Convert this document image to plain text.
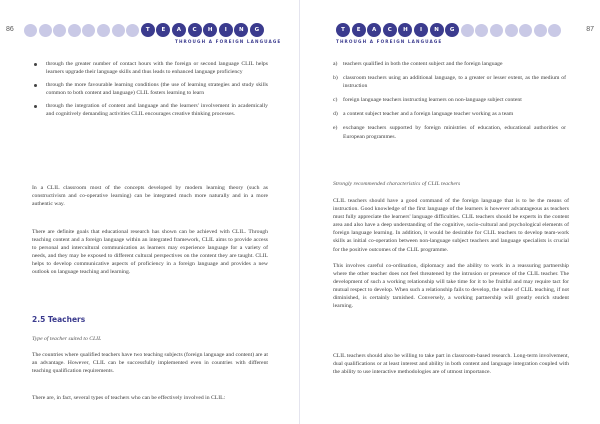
86	T	E	A	C	H	I	N	G
THROUGH A FOREIGN LANGUAGE
through the greater number of contact hours with the foreign or second language CLIL helps learners upgrade their language skills and thus leads to enhanced language proficiency
through the more favourable learning conditions (the use of learning strategies and study skills common to both content and language) CLIL fosters learning to learn
through the integration of content and language and the learners' involvement in academically and cognitively demanding activities CLIL encourages creative thinking processes.
In a CLIL classroom most of the concepts developed by modern learning theory (such as constructivism and co-operative learning) can be integrated much more naturally and in a more authentic way.
There are definite goals that educational research has shown can be achieved with CLIL. Through teaching content and a foreign language within an integrated framework, CLIL aims to provide access to personal and intercultural communication as learners may experience language for a variety of needs, and they may be exposed to different cultural perspectives on the content they are taught. CLIL helps to develop communicative aspects of proficiency in a foreign language and provides a new outlook on language teaching and learning.
2.5 Teachers
Type of teacher suited to CLIL
The countries where qualified teachers have two teaching subjects (foreign language and content) are at an advantage. However, CLIL can be successfully implemented even in countries with different teaching qualification requirements.
There are, in fact, several types of teachers who can be effectively involved in CLIL:
87
THROUGH A FOREIGN LANGUAGE
T	E	A	C	H	I	N	G
a) teachers qualified in both the content subject and the foreign language
b) classroom teachers using an additional language, to a greater or lesser extent, as the medium of instruction
c) foreign language teachers instructing learners on non-language subject content
d) a content subject teacher and a foreign language teacher working as a team
e) exchange teachers supported by foreign ministries of education, educational authorities or European programmes.
Strongly recommended characteristics of CLIL teachers
CLIL teachers should have a good command of the foreign language that is to be the means of instruction. Good knowledge of the first language of the learners is however advantageous as teachers must fully appreciate the learners' language difficulties. CLIL teachers should be experts in the content area and also have a deep understanding of the cognitive, socio-cultural and psychological elements of foreign language learning. In addition, it would be desirable for CLIL teachers to develop team-work skills as initial co-operation between non-language subject teachers and language specialists is crucial for the positive outcomes of the CLIL programme.
This involves careful co-ordination, diplomacy and the ability to work in a reassuring partnership where the other teacher does not feel threatened by the intrusion or presence of the CLIL teacher. The development of such a working relationship will take time for it to be fruitful and may require tact for mutual respect to develop. When such a relationship fails to develop, the value of CLIL teaching, if not diminished, is certainly tarnished. Conversely, a working partnership will greatly enrich student learning.
CLIL teachers should also be willing to take part in classroom-based research. Long-term involvement, dual qualifications or at least interest and ability in both content and language integration coupled with the ability to use interactive methodologies are of utmost importance.
